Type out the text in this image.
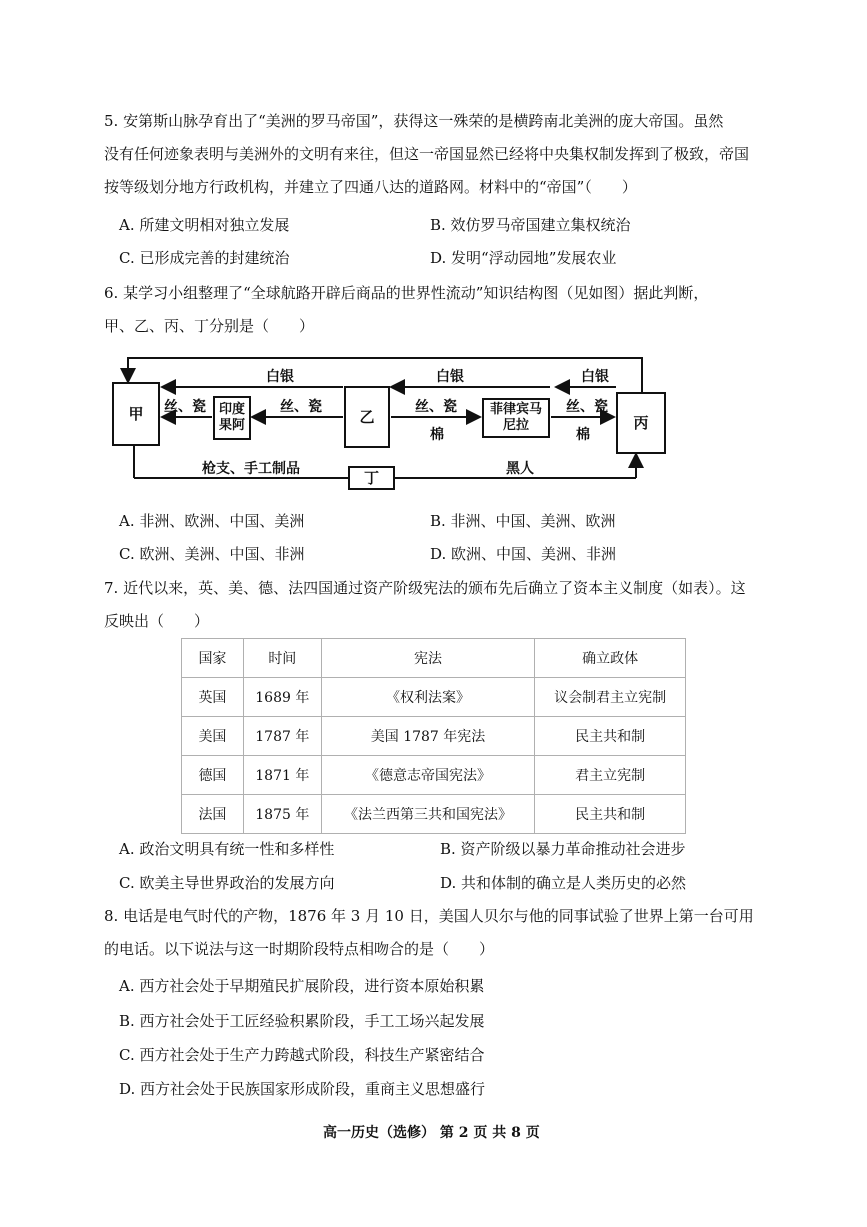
5. 安第斯山脉孕育出了“美洲的罗马帝国”，获得这一殊荣的是横跨南北美洲的庞大帝国。虽然
没有任何迹象表明与美洲外的文明有来往，但这一帝国显然已经将中央集权制发挥到了极致，帝国
按等级划分地方行政机构，并建立了四通八达的道路网。材料中的“帝国”（　　）
A. 所建文明相对独立发展	B. 效仿罗马帝国建立集权统治
C. 已形成完善的封建统治	D. 发明“浮动园地”发展农业
6. 某学习小组整理了“全球航路开辟后商品的世界性流动”知识结构图（见如图）据此判断，
甲、乙、丙、丁分别是（　　）
甲	印度果阿	乙	菲律宾马尼拉	丙
丁
白银
丝、瓷	丝、瓷
白银
丝、瓷
棉
白银
丝、瓷
棉
枪支、手工制品	黑人
A. 非洲、欧洲、中国、美洲	B. 非洲、中国、美洲、欧洲
C. 欧洲、美洲、中国、非洲	D. 欧洲、中国、美洲、非洲
7. 近代以来，英、美、德、法四国通过资产阶级宪法的颁布先后确立了资本主义制度（如表）。这
反映出（　　）
国家	时间	宪法	确立政体
英国	1689 年	《权利法案》	议会制君主立宪制
美国	1787 年	美国 1787 年宪法	民主共和制
德国	1871 年	《德意志帝国宪法》	君主立宪制
法国	1875 年	《法兰西第三共和国宪法》	民主共和制
A. 政治文明具有统一性和多样性	B. 资产阶级以暴力革命推动社会进步
C. 欧美主导世界政治的发展方向	D. 共和体制的确立是人类历史的必然
8. 电话是电气时代的产物，1876 年 3 月 10 日，美国人贝尔与他的同事试验了世界上第一台可用
的电话。以下说法与这一时期阶段特点相吻合的是（　　）
A. 西方社会处于早期殖民扩展阶段，进行资本原始积累
B. 西方社会处于工匠经验积累阶段，手工工场兴起发展
C. 西方社会处于生产力跨越式阶段，科技生产紧密结合
D. 西方社会处于民族国家形成阶段，重商主义思想盛行
高一历史（选修） 第 2 页 共 8 页
